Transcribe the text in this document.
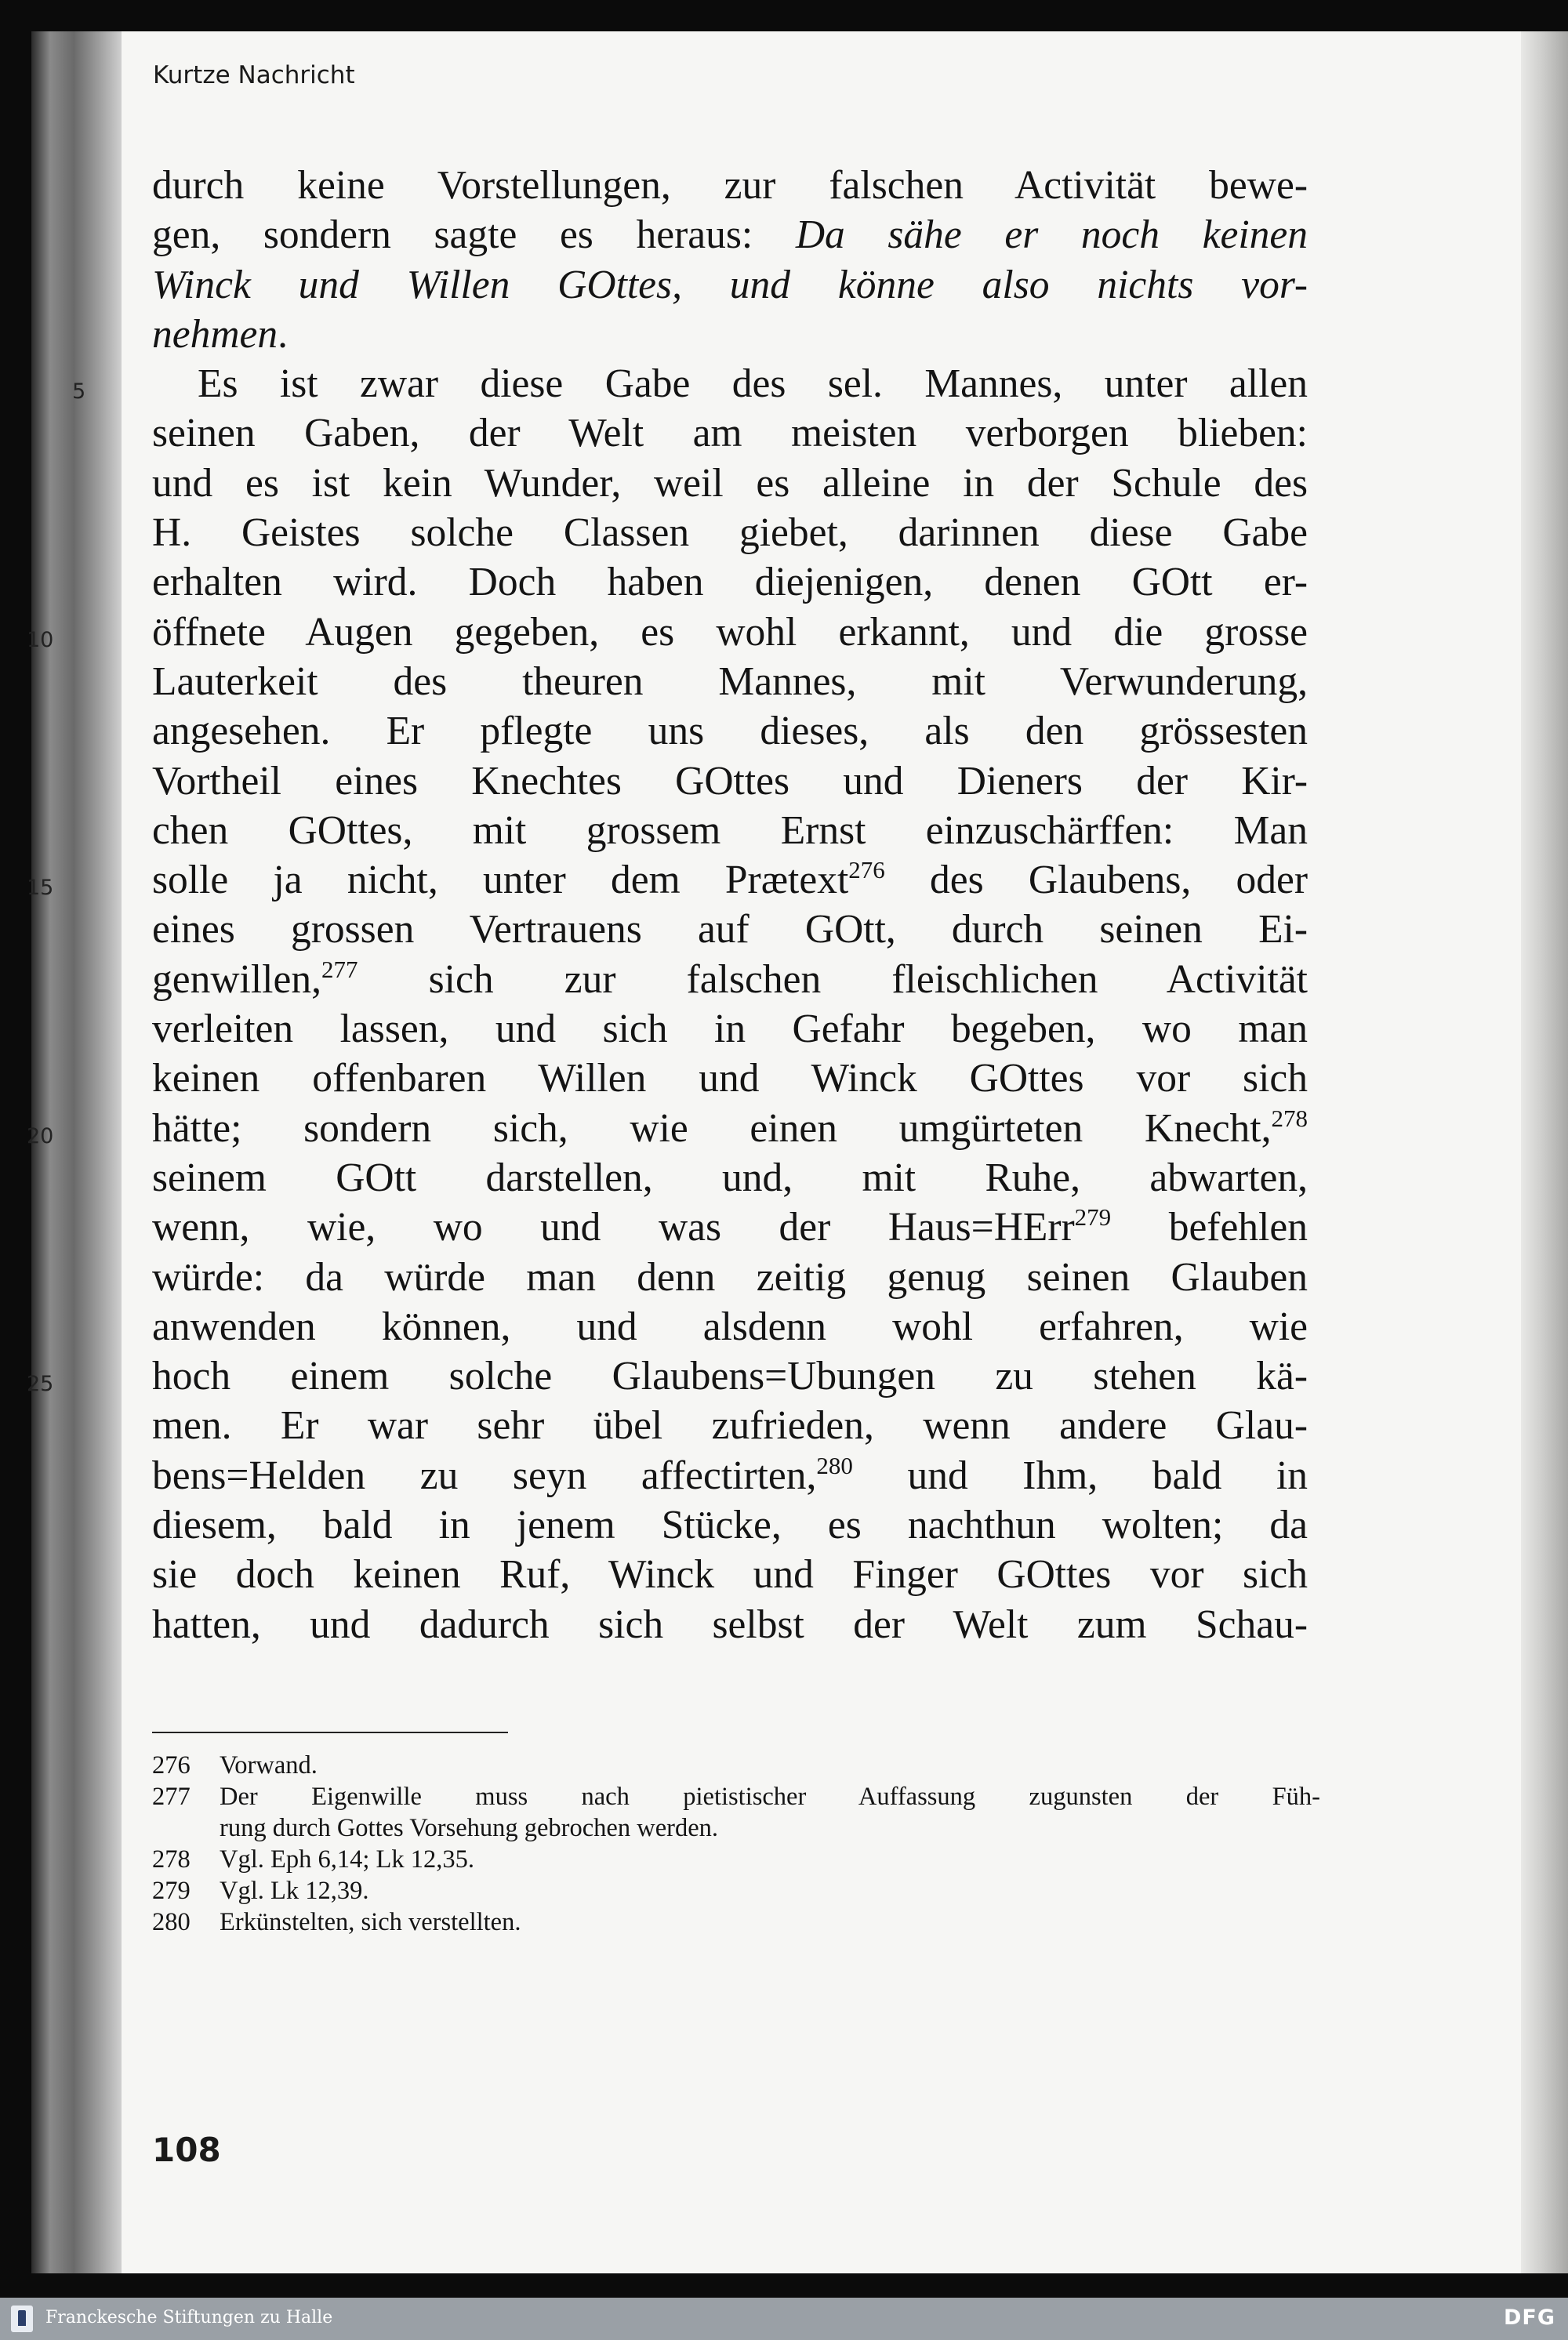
Kurtze Nachricht
durch keine Vorstellungen, zur falschen Activität bewe-
gen, sondern sagte es heraus: Da sähe er noch keinen
Winck und Willen GOttes, und könne also nichts vor-
nehmen.
5	Es ist zwar diese Gabe des sel. Mannes, unter allen
seinen Gaben, der Welt am meisten verborgen blieben:
und es ist kein Wunder, weil es alleine in der Schule des
H. Geistes solche Classen giebet, darinnen diese Gabe
erhalten wird. Doch haben diejenigen, denen GOtt er-
10 öffnete Augen gegeben, es wohl erkannt, und die grosse
Lauterkeit des theuren Mannes, mit Verwunderung,
angesehen. Er pflegte uns dieses, als den grössesten
Vortheil eines Knechtes GOttes und Dieners der Kir-
chen GOttes, mit grossem Ernst einzuschärffen: Man
15 solle ja nicht, unter dem Prætext$^{276}$ des Glaubens, oder
eines grossen Vertrauens auf GOtt, durch seinen Ei-
genwillen,$^{277}$ sich zur falschen fleischlichen Activität
verleiten lassen, und sich in Gefahr begeben, wo man
keinen offenbaren Willen und Winck GOttes vor sich
20 hätte; sondern sich, wie einen umgürteten Knecht,$^{278}$
seinem GOtt darstellen, und, mit Ruhe, abwarten,
wenn, wie, wo und was der Haus=HErr$^{279}$ befehlen
würde: da würde man denn zeitig genug seinen Glauben
anwenden können, und alsdenn wohl erfahren, wie
25 hoch einem solche Glaubens=Ubungen zu stehen kä-
men. Er war sehr übel zufrieden, wenn andere Glau-
bens=Helden zu seyn affectirten,$^{280}$ und Ihm, bald in
diesem, bald in jenem Stücke, es nachthun wolten; da
sie doch keinen Ruf, Winck und Finger GOttes vor sich
hatten, und dadurch sich selbst der Welt zum Schau-
276	Vorwand.
277	Der Eigenwille muss nach pietistischer Auffassung zugunsten der Füh-
rung durch Gottes Vorsehung gebrochen werden.
278	Vgl. Eph 6,14; Lk 12,35.
279	Vgl. Lk 12,39.
280	Erkünstelten, sich verstellten.
108
Franckesche Stiftungen zu Halle	DFG
